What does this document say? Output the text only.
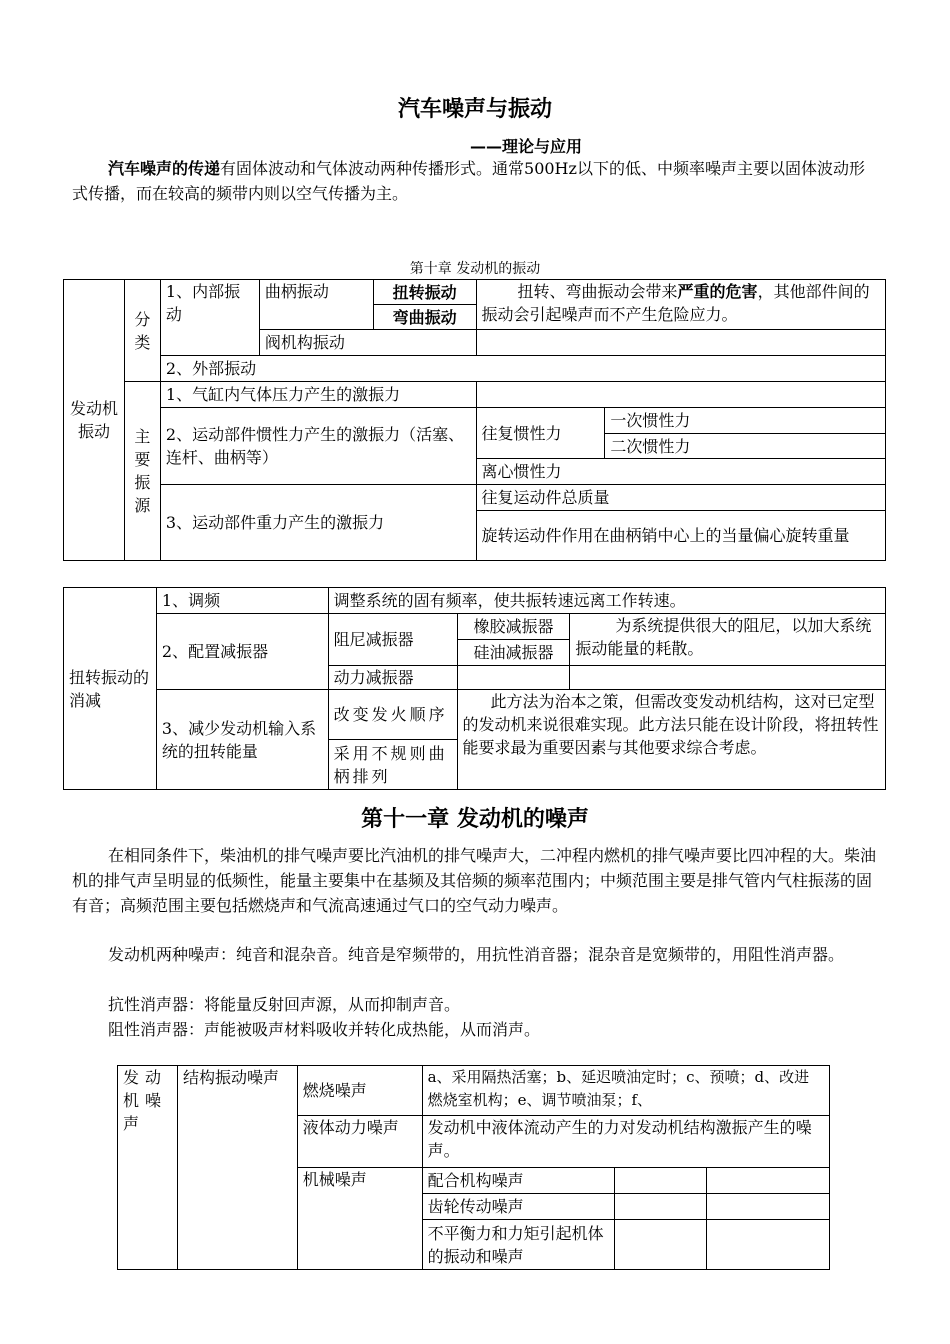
汽车噪声与振动
——理论与应用
汽车噪声的传递有固体波动和气体波动两种传播形式。通常500Hz以下的低、中频率噪声主要以固体波动形式传播，而在较高的频带内则以空气传播为主。
第十章 发动机的振动
发动机振动	分类	1、内部振动	曲柄振动	扭转振动	扭转、弯曲振动会带来严重的危害，其他部件间的振动会引起噪声而不产生危险应力。	
				弯曲振动		
			阀机构振动			
		2、外部振动				
	主要振源	1、气缸内气体压力产生的激振力				
		2、运动部件惯性力产生的激振力（活塞、连杆、曲柄等）			往复惯性力	一次惯性力
						二次惯性力
					离心惯性力	
		3、运动部件重力产生的激振力			往复运动件总质量	
					旋转运动件作用在曲柄销中心上的当量偏心旋转重量	
扭转振动的消减	1、调频	调整系统的固有频率，使共振转速远离工作转速。		
	2、配置减振器	阻尼减振器	橡胶减振器	为系统提供很大的阻尼，以加大系统振动能量的耗散。
			硅油减振器	
		动力减振器		
	3、减少发动机输入系统的扭转能量	改变发火顺序	此方法为治本之策，但需改变发动机结构，这对已定型的发动机来说很难实现。此方法只能在设计阶段，将扭转性能要求最为重要因素与其他要求综合考虑。	
		采用不规则曲柄排列		
第十一章 发动机的噪声
在相同条件下，柴油机的排气噪声要比汽油机的排气噪声大，二冲程内燃机的排气噪声要比四冲程的大。柴油机的排气声呈明显的低频性，能量主要集中在基频及其倍频的频率范围内；中频范围主要是排气管内气柱振荡的固有音；高频范围主要包括燃烧声和气流高速通过气口的空气动力噪声。
发动机两种噪声：纯音和混杂音。纯音是窄频带的，用抗性消音器；混杂音是宽频带的，用阻性消声器。
抗性消声器：将能量反射回声源，从而抑制声音。
阻性消声器：声能被吸声材料吸收并转化成热能，从而消声。
发动机噪声	结构振动噪声	燃烧噪声	a、采用隔热活塞；b、延迟喷油定时；c、预喷；d、改进燃烧室机构；e、调节喷油泵；f、		
		液体动力噪声	发动机中液体流动产生的力对发动机结构激振产生的噪声。		
		机械噪声	配合机构噪声		
			齿轮传动噪声		
			不平衡力和力矩引起机体的振动和噪声		
